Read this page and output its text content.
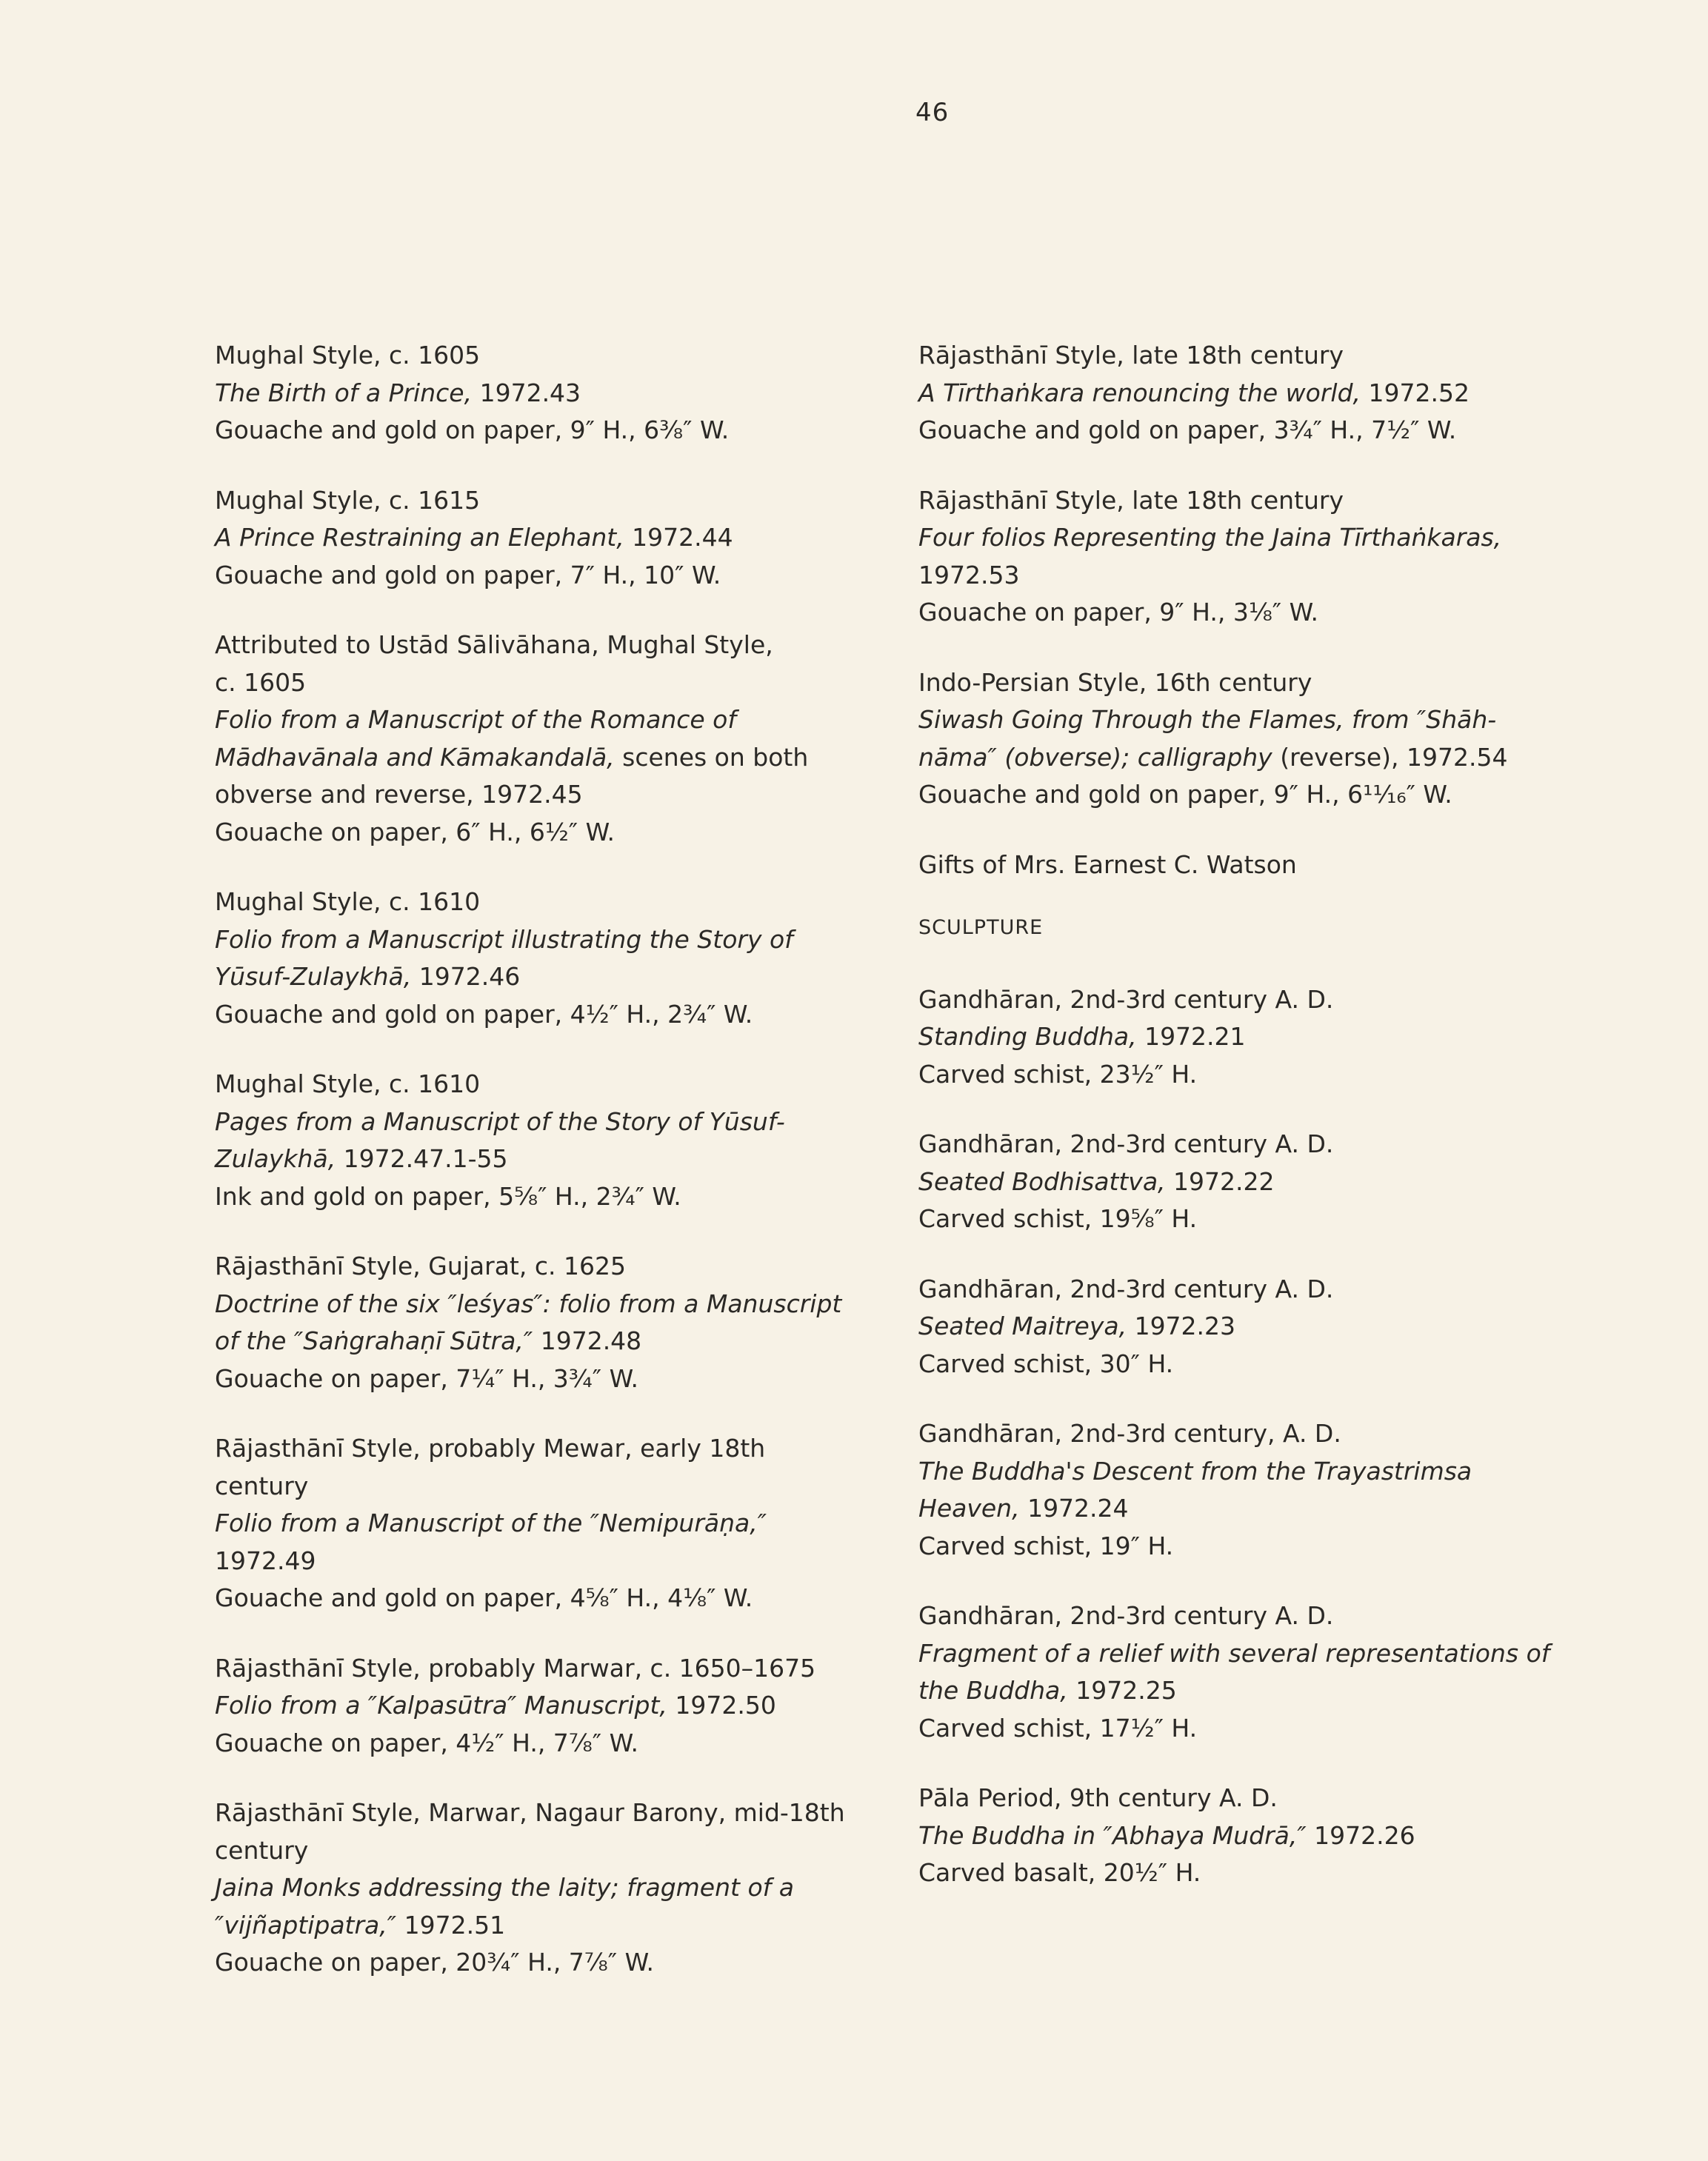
46
Mughal Style, c. 1605
The Birth of a Prince, 1972.43
Gouache and gold on paper, 9″ H., 6⅜″ W.
Mughal Style, c. 1615
A Prince Restraining an Elephant, 1972.44
Gouache and gold on paper, 7″ H., 10″ W.
Attributed to Ustād Sālivāhana, Mughal Style,
c. 1605
Folio from a Manuscript of the Romance of
Mādhavānala and Kāmakandalā, scenes on both
obverse and reverse, 1972.45
Gouache on paper, 6″ H., 6½″ W.
Mughal Style, c. 1610
Folio from a Manuscript illustrating the Story of
Yūsuf-Zulaykhā, 1972.46
Gouache and gold on paper, 4½″ H., 2¾″ W.
Mughal Style, c. 1610
Pages from a Manuscript of the Story of Yūsuf-
Zulaykhā, 1972.47.1-55
Ink and gold on paper, 5⅝″ H., 2¾″ W.
Rājasthānī Style, Gujarat, c. 1625
Doctrine of the six ″leśyas″: folio from a Manuscript
of the ″Saṅgrahaṇī Sūtra,″ 1972.48
Gouache on paper, 7¼″ H., 3¾″ W.
Rājasthānī Style, probably Mewar, early 18th
century
Folio from a Manuscript of the ″Nemipurāṇa,″
1972.49
Gouache and gold on paper, 4⅝″ H., 4⅛″ W.
Rājasthānī Style, probably Marwar, c. 1650–1675
Folio from a ″Kalpasūtra″ Manuscript, 1972.50
Gouache on paper, 4½″ H., 7⅞″ W.
Rājasthānī Style, Marwar, Nagaur Barony, mid-18th
century
Jaina Monks addressing the laity; fragment of a
″vijñaptipatra,″ 1972.51
Gouache on paper, 20¾″ H., 7⅞″ W.
Rājasthānī Style, late 18th century
A Tīrthaṅkara renouncing the world, 1972.52
Gouache and gold on paper, 3¾″ H., 7½″ W.
Rājasthānī Style, late 18th century
Four folios Representing the Jaina Tīrthaṅkaras,
1972.53
Gouache on paper, 9″ H., 3⅛″ W.
Indo-Persian Style, 16th century
Siwash Going Through the Flames, from ″Shāh-
nāma″ (obverse); calligraphy (reverse), 1972.54
Gouache and gold on paper, 9″ H., 6¹¹⁄₁₆″ W.
Gifts of Mrs. Earnest C. Watson
SCULPTURE
Gandhāran, 2nd-3rd century A. D.
Standing Buddha, 1972.21
Carved schist, 23½″ H.
Gandhāran, 2nd-3rd century A. D.
Seated Bodhisattva, 1972.22
Carved schist, 19⅝″ H.
Gandhāran, 2nd-3rd century A. D.
Seated Maitreya, 1972.23
Carved schist, 30″ H.
Gandhāran, 2nd-3rd century, A. D.
The Buddha's Descent from the Trayastrimsa
Heaven, 1972.24
Carved schist, 19″ H.
Gandhāran, 2nd-3rd century A. D.
Fragment of a relief with several representations of
the Buddha, 1972.25
Carved schist, 17½″ H.
Pāla Period, 9th century A. D.
The Buddha in ″Abhaya Mudrā,″ 1972.26
Carved basalt, 20½″ H.
